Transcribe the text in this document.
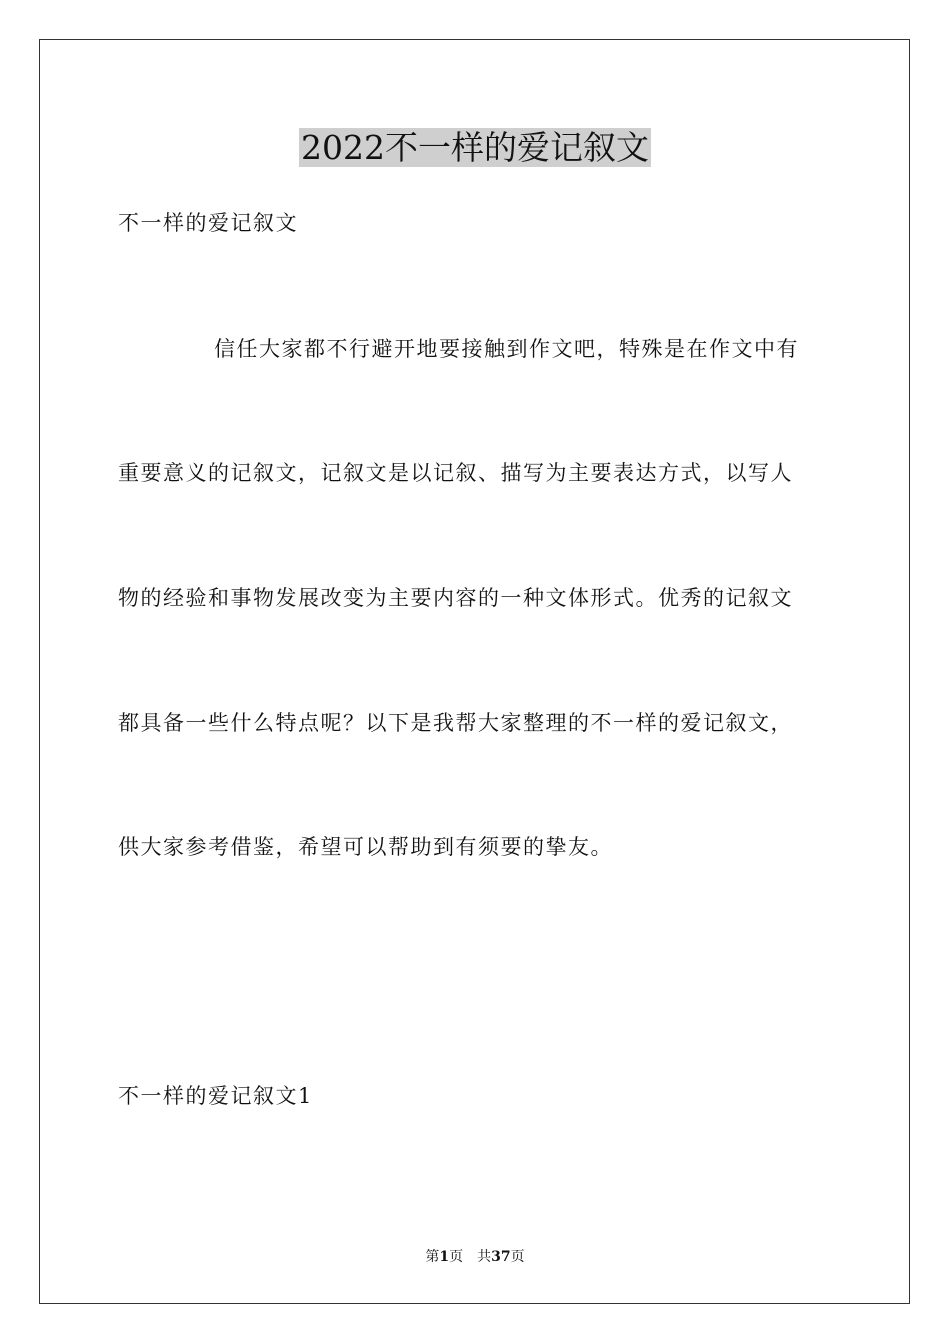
2022不一样的爱记叙文

不一样的爱记叙文

信任大家都不行避开地要接触到作文吧，特殊是在作文中有

重要意义的记叙文，记叙文是以记叙、描写为主要表达方式，以写人

物的经验和事物发展改变为主要内容的一种文体形式。优秀的记叙文

都具备一些什么特点呢？以下是我帮大家整理的不一样的爱记叙文，

供大家参考借鉴，希望可以帮助到有须要的挚友。

不一样的爱记叙文1

第1页 共37页
